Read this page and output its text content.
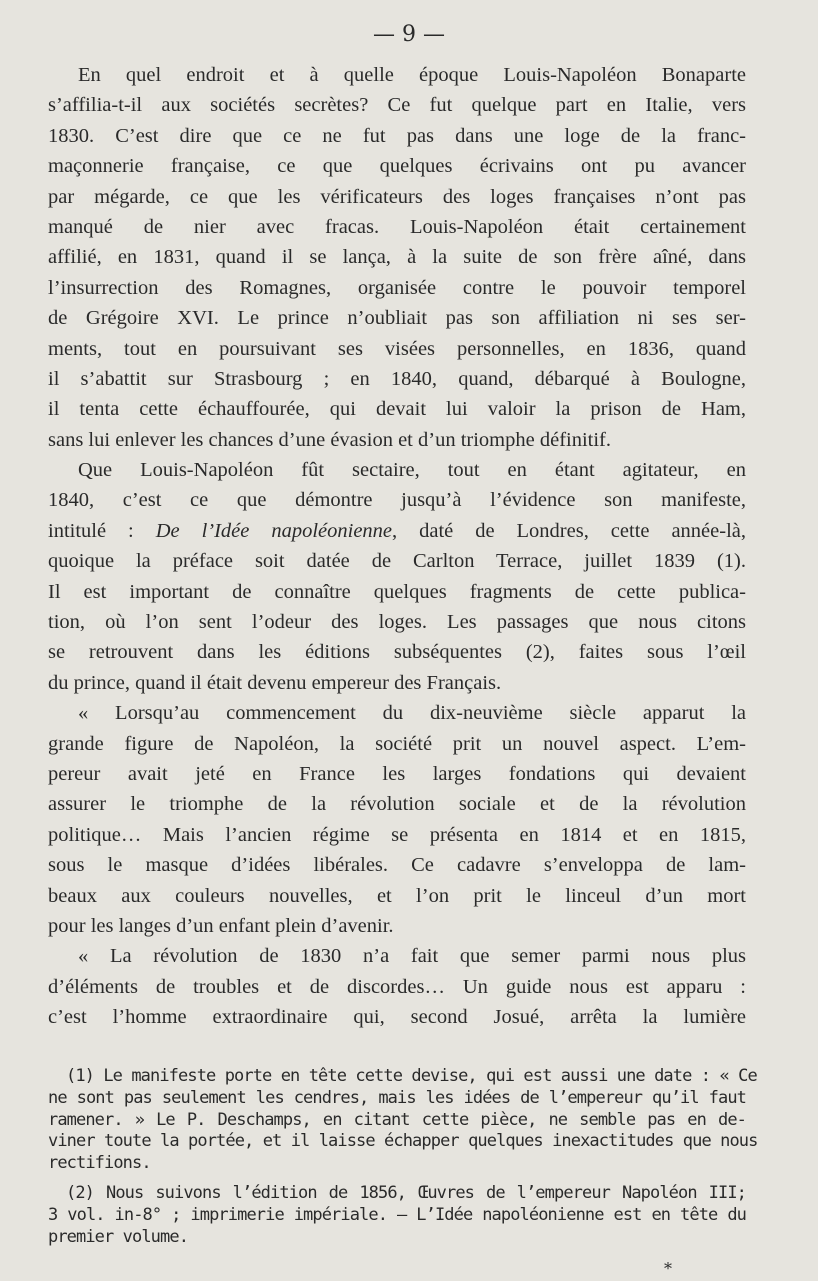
— 9 —
En quel endroit et à quelle époque Louis-Napoléon Bonaparte
s’affilia-t-il aux sociétés secrètes? Ce fut quelque part en Italie, vers
1830. C’est dire que ce ne fut pas dans une loge de la franc-
maçonnerie française, ce que quelques écrivains ont pu avancer
par mégarde, ce que les vérificateurs des loges françaises n’ont pas
manqué de nier avec fracas. Louis-Napoléon était certainement
affilié, en 1831, quand il se lança, à la suite de son frère aîné, dans
l’insurrection des Romagnes, organisée contre le pouvoir temporel
de Grégoire XVI. Le prince n’oubliait pas son affiliation ni ses ser-
ments, tout en poursuivant ses visées personnelles, en 1836, quand
il s’abattit sur Strasbourg ; en 1840, quand, débarqué à Boulogne,
il tenta cette échauffourée, qui devait lui valoir la prison de Ham,
sans lui enlever les chances d’une évasion et d’un triomphe définitif.
Que Louis-Napoléon fût sectaire, tout en étant agitateur, en
1840, c’est ce que démontre jusqu’à l’évidence son manifeste,
intitulé : De l’Idée napoléonienne, daté de Londres, cette année-là,
quoique la préface soit datée de Carlton Terrace, juillet 1839 (1).
Il est important de connaître quelques fragments de cette publica-
tion, où l’on sent l’odeur des loges. Les passages que nous citons
se retrouvent dans les éditions subséquentes (2), faites sous l’œil
du prince, quand il était devenu empereur des Français.
« Lorsqu’au commencement du dix-neuvième siècle apparut la
grande figure de Napoléon, la société prit un nouvel aspect. L’em-
pereur avait jeté en France les larges fondations qui devaient
assurer le triomphe de la révolution sociale et de la révolution
politique… Mais l’ancien régime se présenta en 1814 et en 1815,
sous le masque d’idées libérales. Ce cadavre s’enveloppa de lam-
beaux aux couleurs nouvelles, et l’on prit le linceul d’un mort
pour les langes d’un enfant plein d’avenir.
« La révolution de 1830 n’a fait que semer parmi nous plus
d’éléments de troubles et de discordes… Un guide nous est apparu :
c’est l’homme extraordinaire qui, second Josué, arrêta la lumière
(1) Le manifeste porte en tête cette devise, qui est aussi une date : « Ce
ne sont pas seulement les cendres, mais les idées de l’empereur qu’il faut
ramener. » Le P. Deschamps, en citant cette pièce, ne semble pas en de-
viner toute la portée, et il laisse échapper quelques inexactitudes que nous
rectifions.
(2) Nous suivons l’édition de 1856, Œuvres de l’empereur Napoléon III;
3 vol. in-8° ; imprimerie impériale. — L’Idée napoléonienne est en tête du
premier volume.
*
